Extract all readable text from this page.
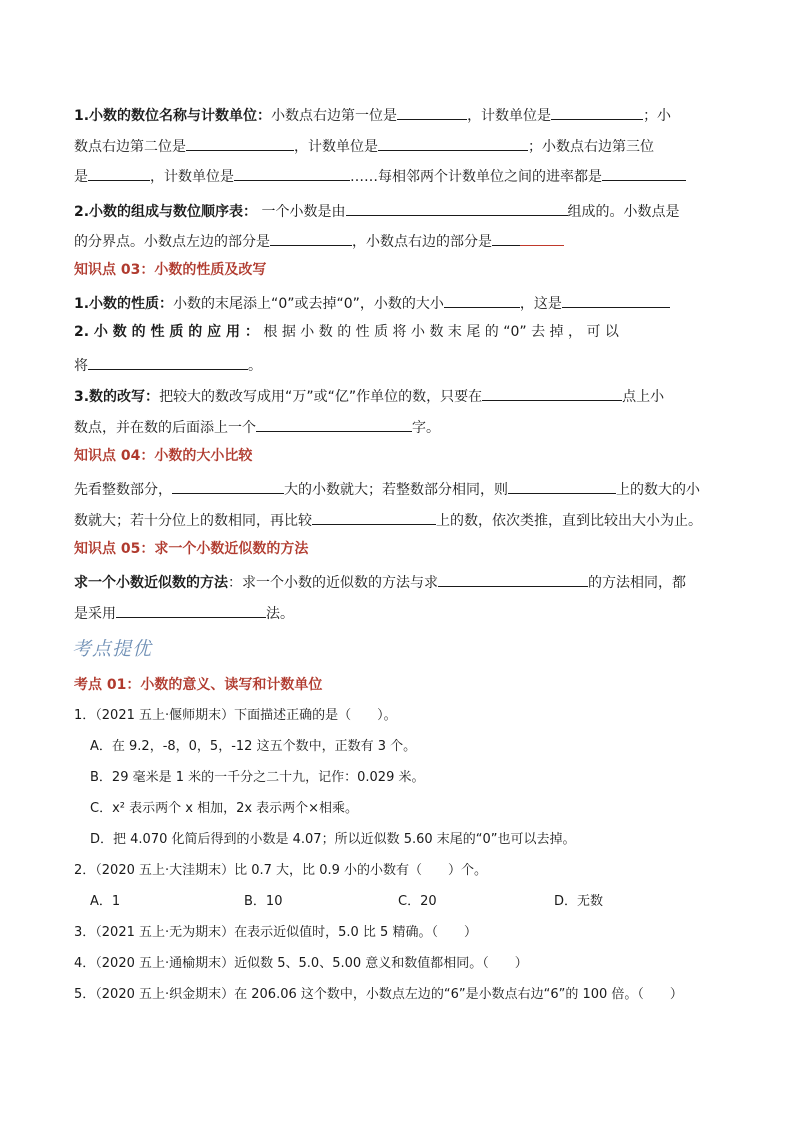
1.小数的数位名称与计数单位：小数点右边第一位是	，计数单位是	；小
数点右边第二位是	，计数单位是	；小数点右边第三位
是	，计数单位是	……每相邻两个计数单位之间的进率都是
2.小数的组成与数位顺序表： 一个小数是由	组成的。小数点是
的分界点。小数点左边的部分是	，小数点右边的部分是
知识点 03：小数的性质及改写
1.小数的性质：小数的末尾添上“0”或去掉“0”，小数的大小	，这是
2. 小 数 的 性 质 的 应 用 ： 根 据 小 数 的 性 质 将 小 数 末 尾 的 “0” 去 掉 ， 可 以
将	。
3.数的改写：把较大的数改写成用“万”或“亿”作单位的数，只要在	点上小
数点，并在数的后面添上一个	字。
知识点 04：小数的大小比较
先看整数部分，	大的小数就大；若整数部分相同，则	上的数大的小
数就大；若十分位上的数相同，再比较	上的数，依次类推，直到比较出大小为止。
知识点 05：求一个小数近似数的方法
求一个小数近似数的方法：求一个小数的近似数的方法与求	的方法相同，都
是采用	法。
考点提优
考点 01：小数的意义、读写和计数单位
1．（2021 五上·偃师期末）下面描述正确的是（　　）。
A．在 9.2，-8，0，5，-12 这五个数中，正数有 3 个。
B．29 毫米是 1 米的一千分之二十九，记作：0.029 米。
C．x² 表示两个 x 相加，2x 表示两个×相乘。
D．把 4.070 化简后得到的小数是 4.07；所以近似数 5.60 末尾的“0”也可以去掉。
2．（2020 五上·大洼期末）比 0.7 大，比 0.9 小的小数有（　　）个。
A．1	B．10	C．20	D．无数
3．（2021 五上·无为期末）在表示近似值时，5.0 比 5 精确。（　　）
4．（2020 五上·通榆期末）近似数 5、5.0、5.00 意义和数值都相同。（　　）
5．（2020 五上·织金期末）在 206.06 这个数中，小数点左边的“6”是小数点右边“6”的 100 倍。（　　）
